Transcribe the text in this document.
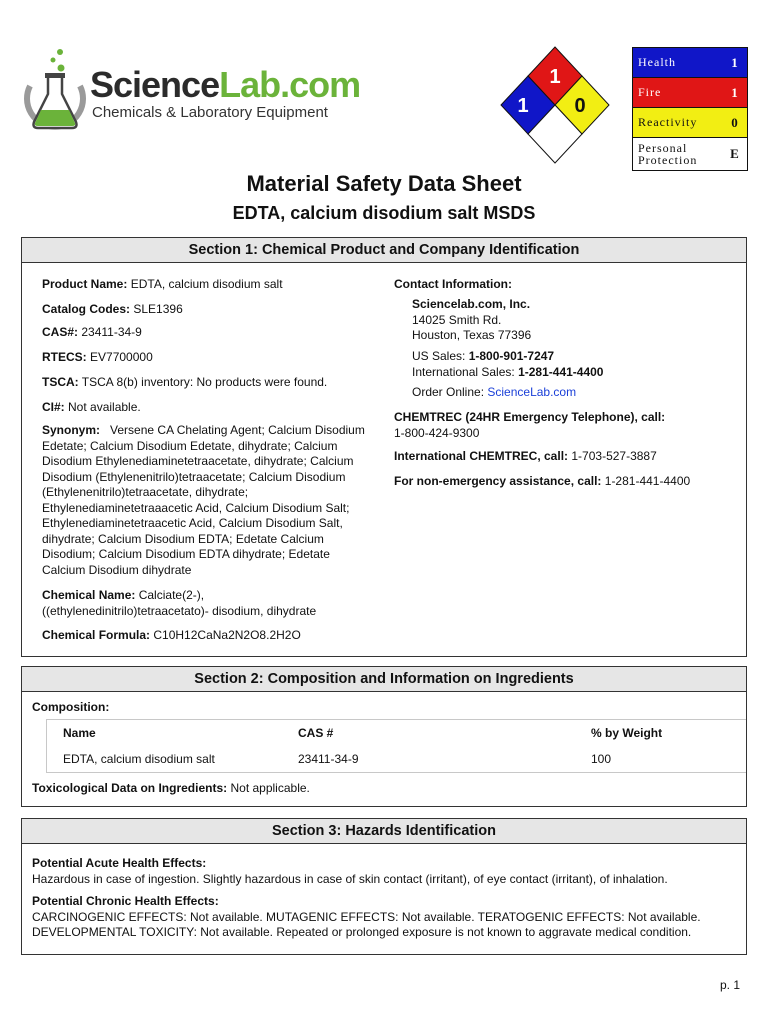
ScienceLab.com
Chemicals & Laboratory Equipment
1
1 0
Health	1
Fire	1
Reactivity	0
Personal
Protection	E
Material Safety Data Sheet
EDTA, calcium disodium salt MSDS
Section 1: Chemical Product and Company Identification
Product Name: EDTA, calcium disodium salt
Catalog Codes: SLE1396
CAS#: 23411-34-9
RTECS: EV7700000
TSCA: TSCA 8(b) inventory: No products were found.
CI#: Not available.
Synonym: Versene CA Chelating Agent; Calcium Disodium Edetate; Calcium Disodium Edetate, dihydrate; Calcium Disodium Ethylenediaminetetraacetate, dihydrate; Calcium Disodium (Ethylenenitrilo)tetraacetate; Calcium Disodium (Ethylenenitrilo)tetraacetate, dihydrate; Ethylenediaminetetraaacetic Acid, Calcium Disodium Salt; Ethylenediaminetetraacetic Acid, Calcium Disodium Salt, dihydrate; Calcium Disodium EDTA; Edetate Calcium Disodium; Calcium Disodium EDTA dihydrate; Edetate Calcium Disodium dihydrate
Chemical Name: Calciate(2-), ((ethylenedinitrilo)tetraacetato)- disodium, dihydrate
Chemical Formula: C10H12CaNa2N2O8.2H2O
Contact Information:
Sciencelab.com, Inc.
14025 Smith Rd.
Houston, Texas 77396
US Sales: 1-800-901-7247
International Sales: 1-281-441-4400
Order Online: ScienceLab.com
CHEMTREC (24HR Emergency Telephone), call:
1-800-424-9300
International CHEMTREC, call: 1-703-527-3887
For non-emergency assistance, call: 1-281-441-4400
Section 2: Composition and Information on Ingredients
Composition:
Name	CAS #	% by Weight
EDTA, calcium disodium salt	23411-34-9	100
Toxicological Data on Ingredients: Not applicable.
Section 3: Hazards Identification
Potential Acute Health Effects:
Hazardous in case of ingestion. Slightly hazardous in case of skin contact (irritant), of eye contact (irritant), of inhalation.
Potential Chronic Health Effects:
CARCINOGENIC EFFECTS: Not available. MUTAGENIC EFFECTS: Not available. TERATOGENIC EFFECTS: Not available. DEVELOPMENTAL TOXICITY: Not available. Repeated or prolonged exposure is not known to aggravate medical condition.
p. 1
